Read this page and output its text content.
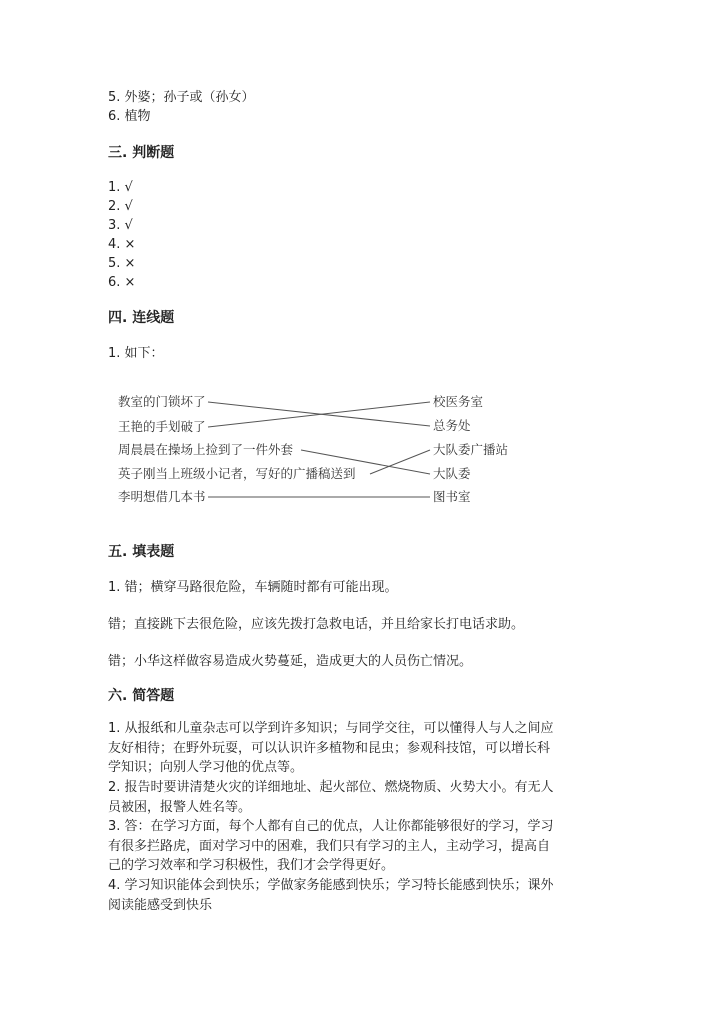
5. 外婆；孙子或（孙女）
6. 植物
三. 判断题
1. √
2. √
3. √
4. ×
5. ×
6. ×
四. 连线题
1. 如下：
教室的门锁坏了
王艳的手划破了
周晨晨在操场上捡到了一件外套
英子刚当上班级小记者，写好的广播稿送到
李明想借几本书
校医务室
总务处
大队委广播站
大队委
图书室
五. 填表题
1. 错；横穿马路很危险，车辆随时都有可能出现。
错；直接跳下去很危险，应该先拨打急救电话，并且给家长打电话求助。
错；小华这样做容易造成火势蔓延，造成更大的人员伤亡情况。
六. 简答题
1. 从报纸和儿童杂志可以学到许多知识；与同学交往，可以懂得人与人之间应
友好相待；在野外玩耍，可以认识许多植物和昆虫；参观科技馆，可以增长科
学知识；向别人学习他的优点等。
2. 报告时要讲清楚火灾的详细地址、起火部位、燃烧物质、火势大小。有无人
员被困，报警人姓名等。
3. 答：在学习方面，每个人都有自己的优点，人让你都能够很好的学习，学习
有很多拦路虎，面对学习中的困难，我们只有学习的主人，主动学习，提高自
己的学习效率和学习积极性，我们才会学得更好。
4. 学习知识能体会到快乐；学做家务能感到快乐；学习特长能感到快乐；课外
阅读能感受到快乐
